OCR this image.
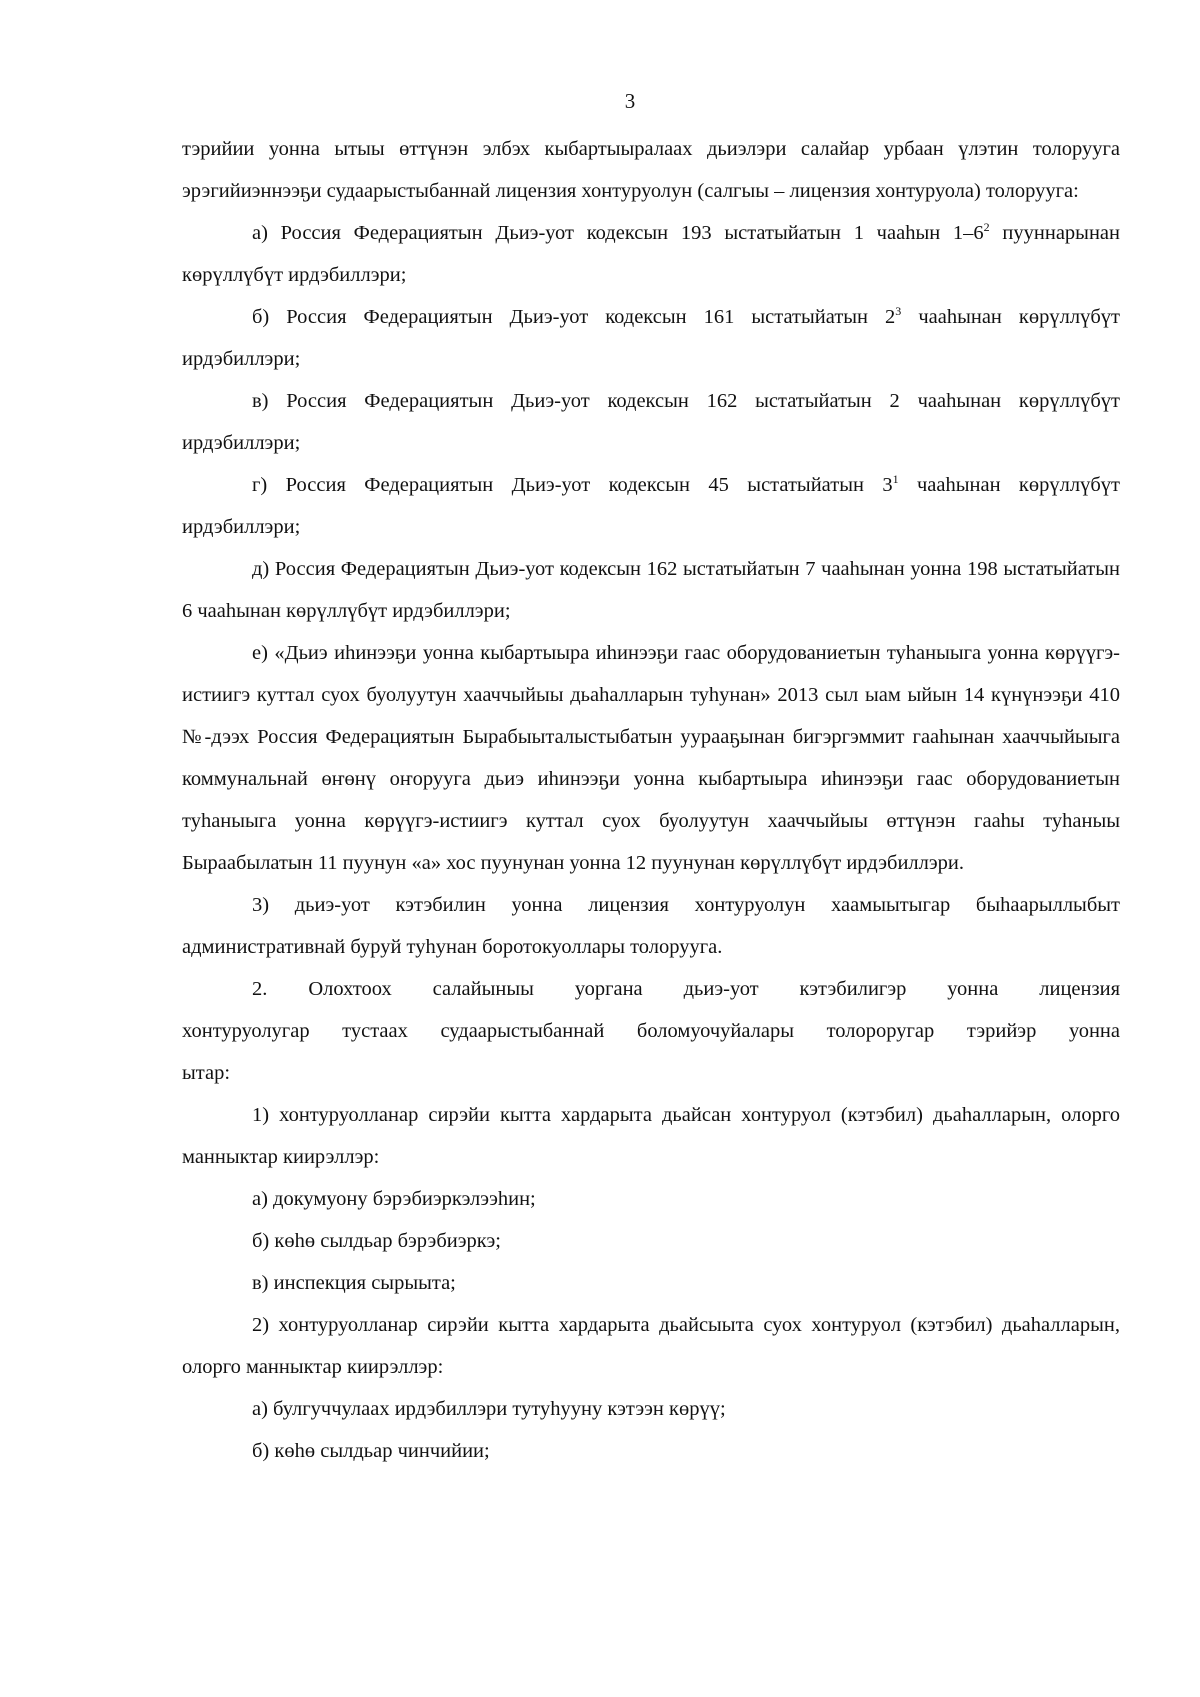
3

тэрийии уонна ытыы өттүнэн элбэх кыбартыыралаах дьиэлэри салайар урбаан үлэтин толорууга эрэгийиэннээҕи судаарыстыбаннай лицензия хонтуруолун (салгыы – лицензия хонтуруола) толорууга:

а) Россия Федерациятын Дьиэ-уот кодексын 193 ыстатыйатын 1 чааһын $1-6^2$ пууннарынан көрүллүбүт ирдэбиллэри;

б) Россия Федерациятын Дьиэ-уот кодексын 161 ыстатыйатын $2^3$ чааһынан көрүллүбүт ирдэбиллэри;

в) Россия Федерациятын Дьиэ-уот кодексын 162 ыстатыйатын 2 чааһынан көрүллүбүт ирдэбиллэри;

г) Россия Федерациятын Дьиэ-уот кодексын 45 ыстатыйатын $3^1$ чааһынан көрүллүбүт ирдэбиллэри;

д) Россия Федерациятын Дьиэ-уот кодексын 162 ыстатыйатын 7 чааһынан уонна 198 ыстатыйатын 6 чааһынан көрүллүбүт ирдэбиллэри;

е) «Дьиэ иһинээҕи уонна кыбартыыра иһинээҕи гаас оборудованиетын туһаныыга уонна көрүүгэ-истиигэ куттал суох буолуутун хааччыйыы дьаһалларын туһунан» 2013 сыл ыам ыйын 14 күнүнээҕи 410 №-дээх Россия Федерациятын Бырабыыталыстыбатын уурааҕынан бигэргэммит гааһынан хааччыйыыга коммунальнай өҥөнү оҥорууга дьиэ иһинээҕи уонна кыбартыыра иһинээҕи гаас оборудованиетын туһаныыга уонна көрүүгэ-истиигэ куттал суох буолуутун хааччыйыы өттүнэн гааһы туһаныы Быраабылатын 11 пуунун «а» хос пуунунан уонна 12 пуунунан көрүллүбүт ирдэбиллэри.

3) дьиэ-уот кэтэбилин уонна лицензия хонтуруолун хаамыытыгар быһаарыллыбыт административнай буруй туһунан боротокуоллары толорууга.

2. Олохтоох салайыныы уоргана дьиэ-уот кэтэбилигэр уонна лицензия хонтуруолугар тустаах судаарыстыбаннай боломуочуйалары толороругар тэрийэр уонна ытар:

1) хонтуруолланар сирэйи кытта хардарыта дьайсан хонтуруол (кэтэбил) дьаһалларын, олорго манныктар киирэллэр:

а) докумуону бэрэбиэркэлээһин;

б) көһө сылдьар бэрэбиэркэ;

в) инспекция сырыыта;

2) хонтуруолланар сирэйи кытта хардарыта дьайсыыта суох хонтуруол (кэтэбил) дьаһалларын, олорго манныктар киирэллэр:

а) булгуччулаах ирдэбиллэри тутуһууну кэтээн көрүү;

б) көһө сылдьар чинчийии;
